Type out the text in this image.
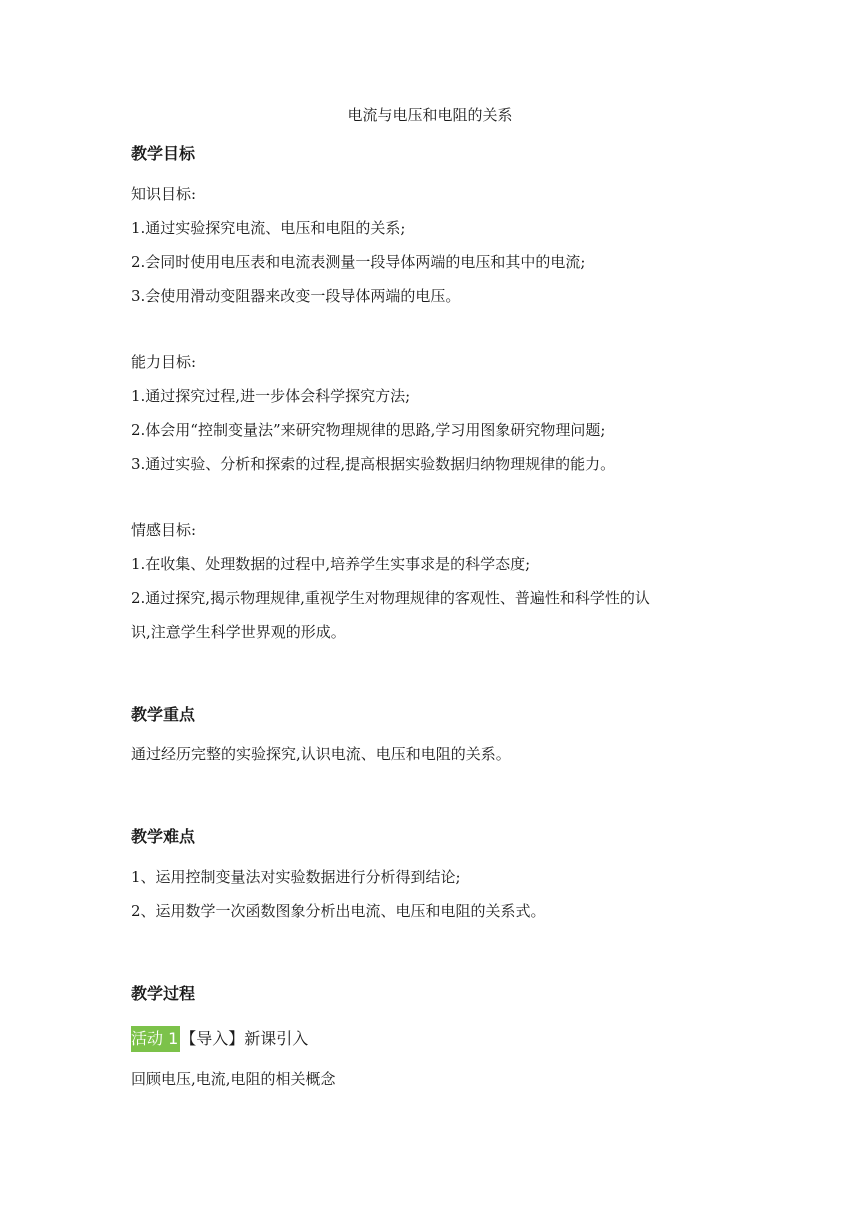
电流与电压和电阻的关系
教学目标
知识目标:
1.通过实验探究电流、电压和电阻的关系;
2.会同时使用电压表和电流表测量一段导体两端的电压和其中的电流;
3.会使用滑动变阻器来改变一段导体两端的电压。
能力目标:
1.通过探究过程,进一步体会科学探究方法;
2.体会用“控制变量法”来研究物理规律的思路,学习用图象研究物理问题;
3.通过实验、分析和探索的过程,提高根据实验数据归纳物理规律的能力。
情感目标:
1.在收集、处理数据的过程中,培养学生实事求是的科学态度;
2.通过探究,揭示物理规律,重视学生对物理规律的客观性、普遍性和科学性的认
识,注意学生科学世界观的形成。
教学重点
通过经历完整的实验探究,认识电流、电压和电阻的关系。
教学难点
1、运用控制变量法对实验数据进行分析得到结论;
2、运用数学一次函数图象分析出电流、电压和电阻的关系式。
教学过程
活动 1 【导入】新课引入
回顾电压,电流,电阻的相关概念
